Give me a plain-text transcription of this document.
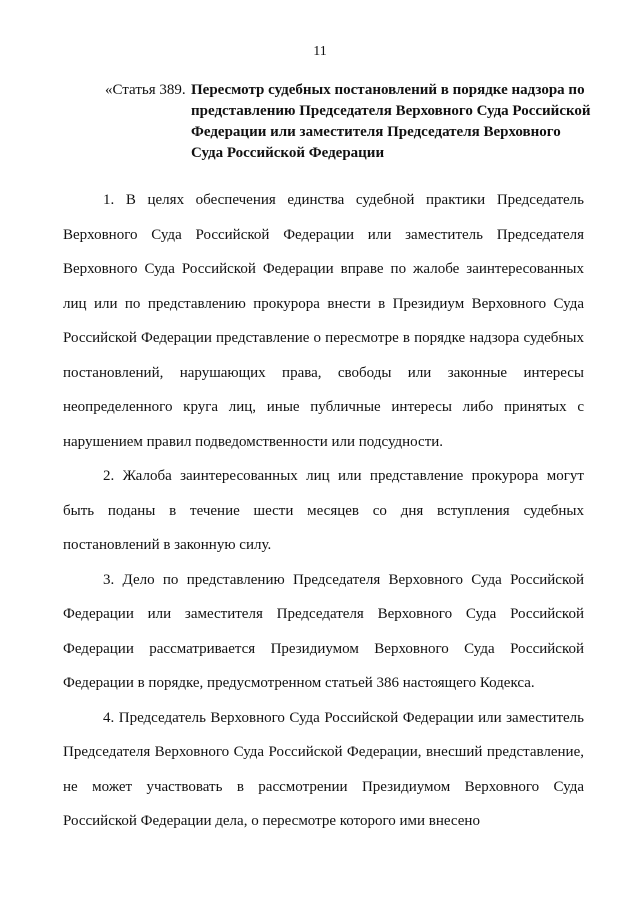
11
«Статья 389. Пересмотр судебных постановлений в порядке надзора по представлению Председателя Верховного Суда Российской Федерации или заместителя Председателя Верховного Суда Российской Федерации

1. В целях обеспечения единства судебной практики Председатель Верховного Суда Российской Федерации или заместитель Председателя Верховного Суда Российской Федерации вправе по жалобе заинтересованных лиц или по представлению прокурора внести в Президиум Верховного Суда Российской Федерации представление о пересмотре в порядке надзора судебных постановлений, нарушающих права, свободы или законные интересы неопределенного круга лиц, иные публичные интересы либо принятых с нарушением правил подведомственности или подсудности.

2. Жалоба заинтересованных лиц или представление прокурора могут быть поданы в течение шести месяцев со дня вступления судебных постановлений в законную силу.

3. Дело по представлению Председателя Верховного Суда Российской Федерации или заместителя Председателя Верховного Суда Российской Федерации рассматривается Президиумом Верховного Суда Российской Федерации в порядке, предусмотренном статьей 386 настоящего Кодекса.

4. Председатель Верховного Суда Российской Федерации или заместитель Председателя Верховного Суда Российской Федерации, внесший представление, не может участвовать в рассмотрении Президиумом Верховного Суда Российской Федерации дела, о пересмотре которого ими внесено
